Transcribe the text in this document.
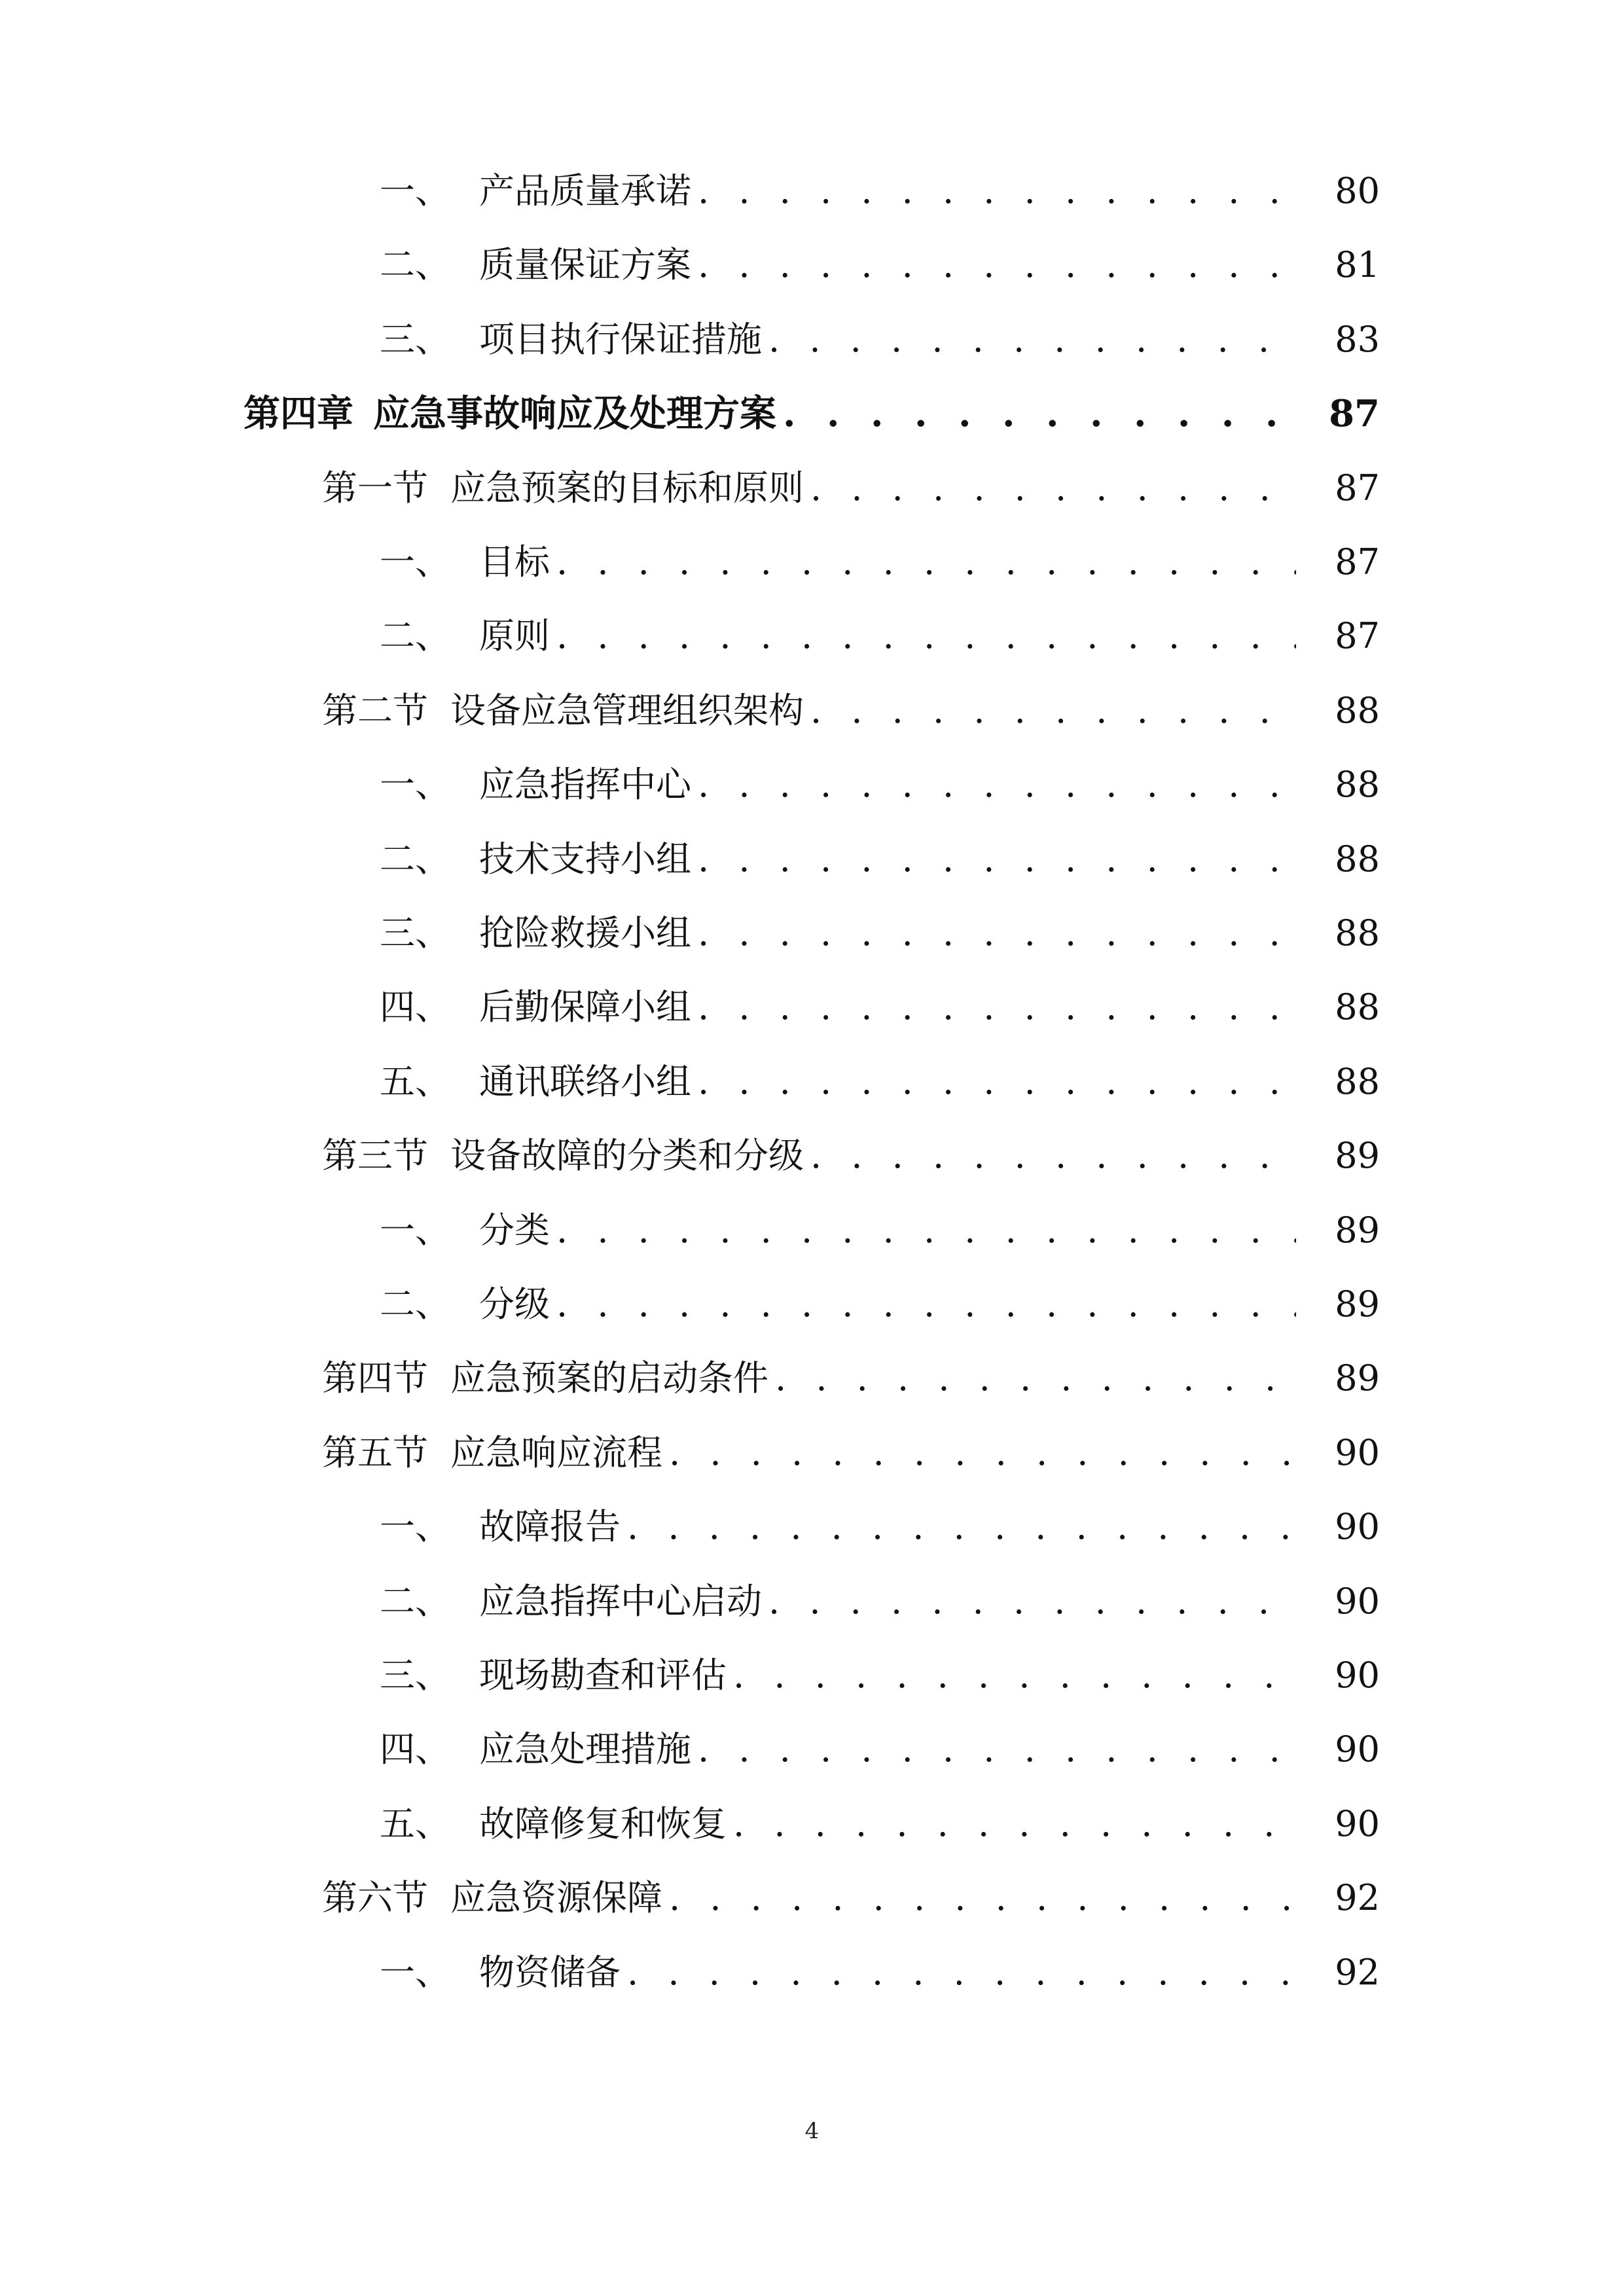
一、 产品质量承诺 . . .	80
二、 质量保证方案 . . .	81
三、 项目执行保证措施 . . .	83
第四章 应急事故响应及处理方案 . . .	87
第一节 应急预案的目标和原则 . . .	87
一、 目标 . . .	87
二、 原则 . . .	87
第二节 设备应急管理组织架构 . . .	88
一、 应急指挥中心 . . .	88
二、 技术支持小组 . . .	88
三、 抢险救援小组 . . .	88
四、 后勤保障小组 . . .	88
五、 通讯联络小组 . . .	88
第三节 设备故障的分类和分级 . . .	89
一、 分类 . . .	89
二、 分级 . . .	89
第四节 应急预案的启动条件 . . .	89
第五节 应急响应流程 . . .	90
一、 故障报告 . . .	90
二、 应急指挥中心启动 . . .	90
三、 现场勘查和评估 . . .	90
四、 应急处理措施 . . .	90
五、 故障修复和恢复 . . .	90
第六节 应急资源保障 . . .	92
一、 物资储备 . . .	92
4
